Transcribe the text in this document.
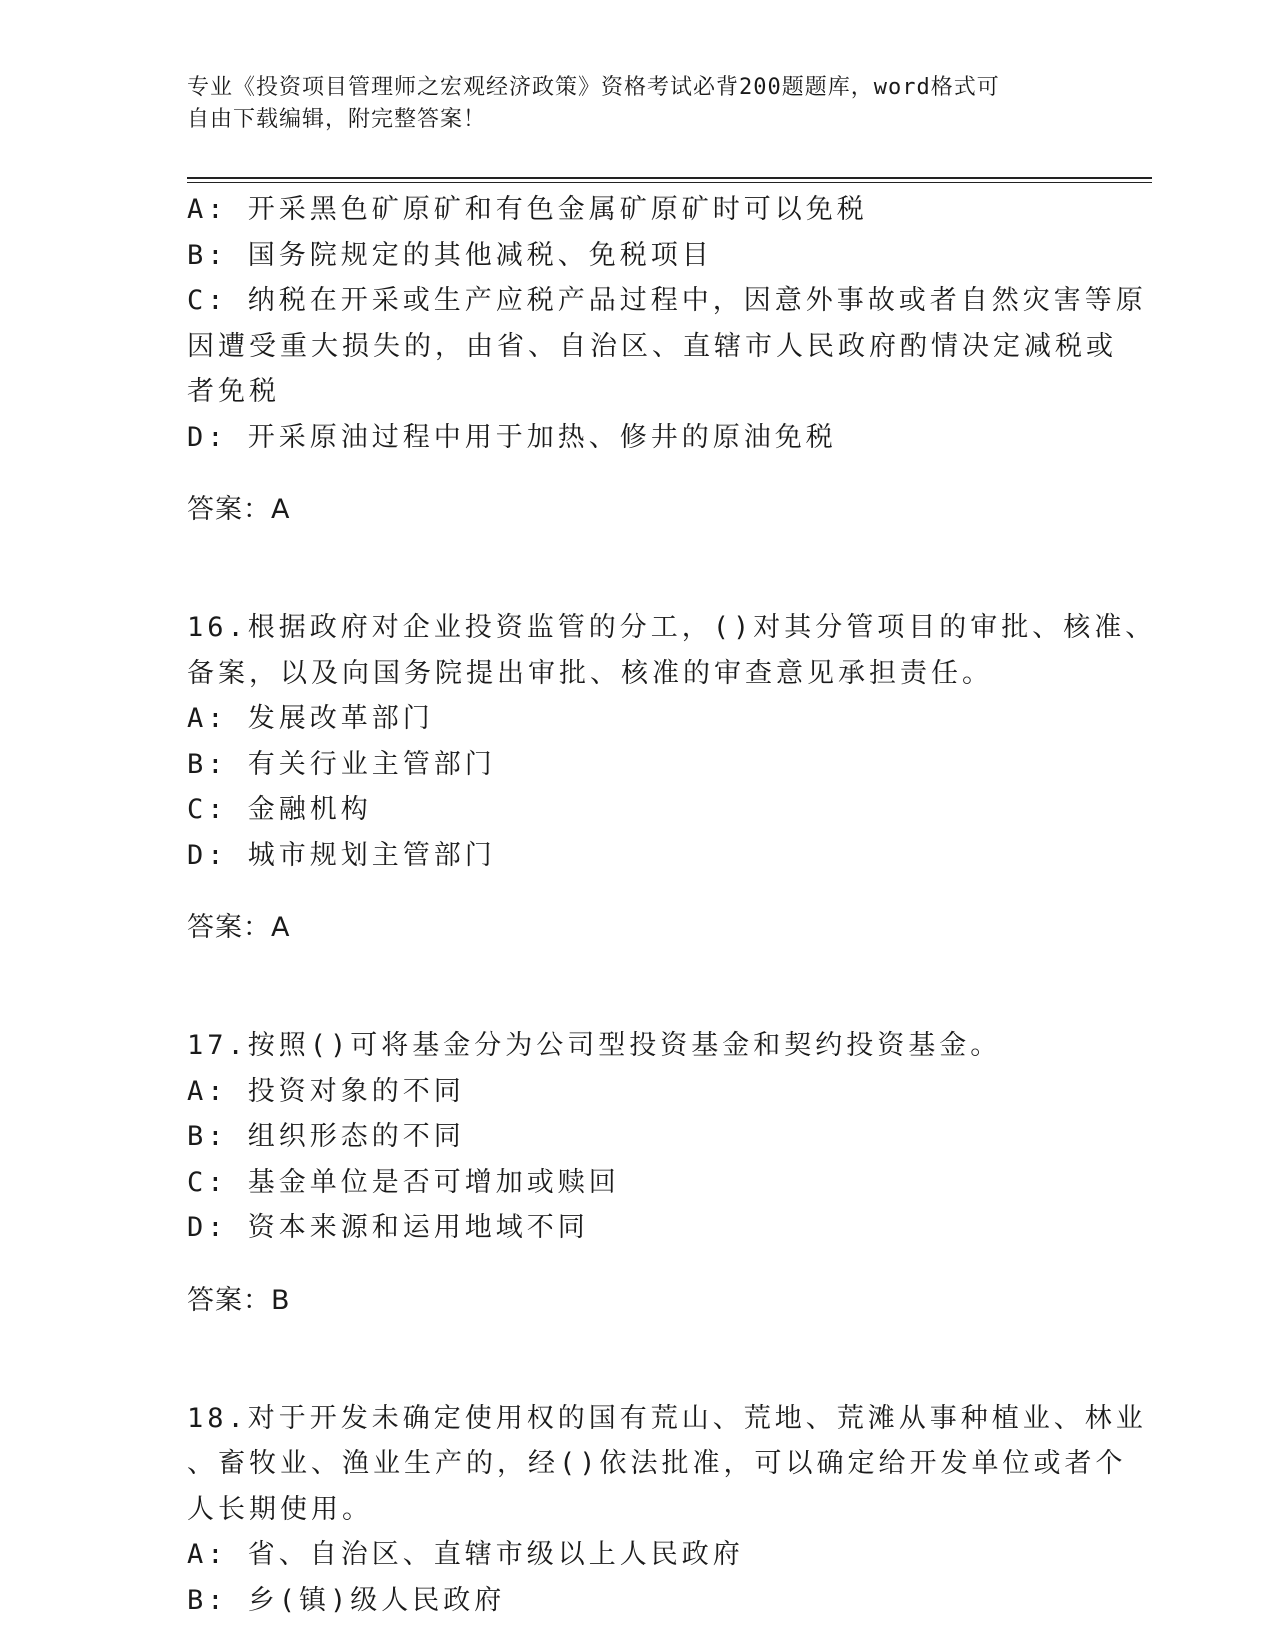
专业《投资项目管理师之宏观经济政策》资格考试必背200题题库，word格式可
自由下载编辑，附完整答案！

A: 开采黑色矿原矿和有色金属矿原矿时可以免税

B: 国务院规定的其他减税、免税项目

C: 纳税在开采或生产应税产品过程中，因意外事故或者自然灾害等原

因遭受重大损失的，由省、自治区、直辖市人民政府酌情决定减税或

者免税

D: 开采原油过程中用于加热、修井的原油免税

答案：A

16.根据政府对企业投资监管的分工，()对其分管项目的审批、核准、

备案，以及向国务院提出审批、核准的审查意见承担责任。

A: 发展改革部门

B: 有关行业主管部门

C: 金融机构

D: 城市规划主管部门

答案：A

17.按照()可将基金分为公司型投资基金和契约投资基金。

A: 投资对象的不同

B: 组织形态的不同

C: 基金单位是否可增加或赎回

D: 资本来源和运用地域不同

答案：B

18.对于开发未确定使用权的国有荒山、荒地、荒滩从事种植业、林业

、畜牧业、渔业生产的，经()依法批准，可以确定给开发单位或者个

人长期使用。

A: 省、自治区、直辖市级以上人民政府

B: 乡(镇)级人民政府
